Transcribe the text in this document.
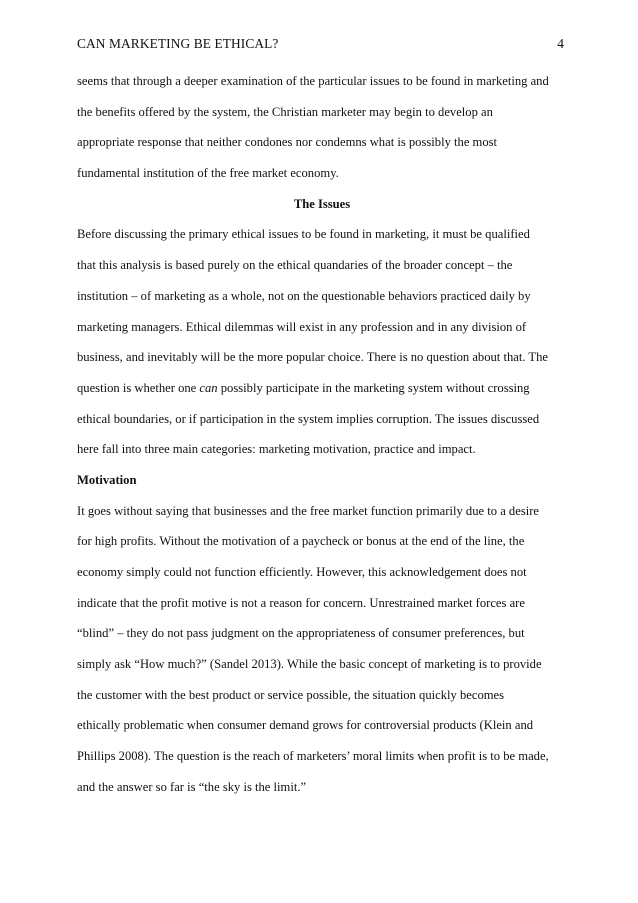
CAN MARKETING BE ETHICAL?	4
seems that through a deeper examination of the particular issues to be found in marketing and
the benefits offered by the system, the Christian marketer may begin to develop an
appropriate response that neither condones nor condemns what is possibly the most
fundamental institution of the free market economy.
The Issues
Before discussing the primary ethical issues to be found in marketing, it must be qualified
that this analysis is based purely on the ethical quandaries of the broader concept – the
institution – of marketing as a whole, not on the questionable behaviors practiced daily by
marketing managers. Ethical dilemmas will exist in any profession and in any division of
business, and inevitably will be the more popular choice. There is no question about that. The
question is whether one can possibly participate in the marketing system without crossing
ethical boundaries, or if participation in the system implies corruption. The issues discussed
here fall into three main categories: marketing motivation, practice and impact.
Motivation
It goes without saying that businesses and the free market function primarily due to a desire
for high profits. Without the motivation of a paycheck or bonus at the end of the line, the
economy simply could not function efficiently. However, this acknowledgement does not
indicate that the profit motive is not a reason for concern. Unrestrained market forces are
“blind” – they do not pass judgment on the appropriateness of consumer preferences, but
simply ask “How much?” (Sandel 2013). While the basic concept of marketing is to provide
the customer with the best product or service possible, the situation quickly becomes
ethically problematic when consumer demand grows for controversial products (Klein and
Phillips 2008). The question is the reach of marketers’ moral limits when profit is to be made,
and the answer so far is “the sky is the limit.”
